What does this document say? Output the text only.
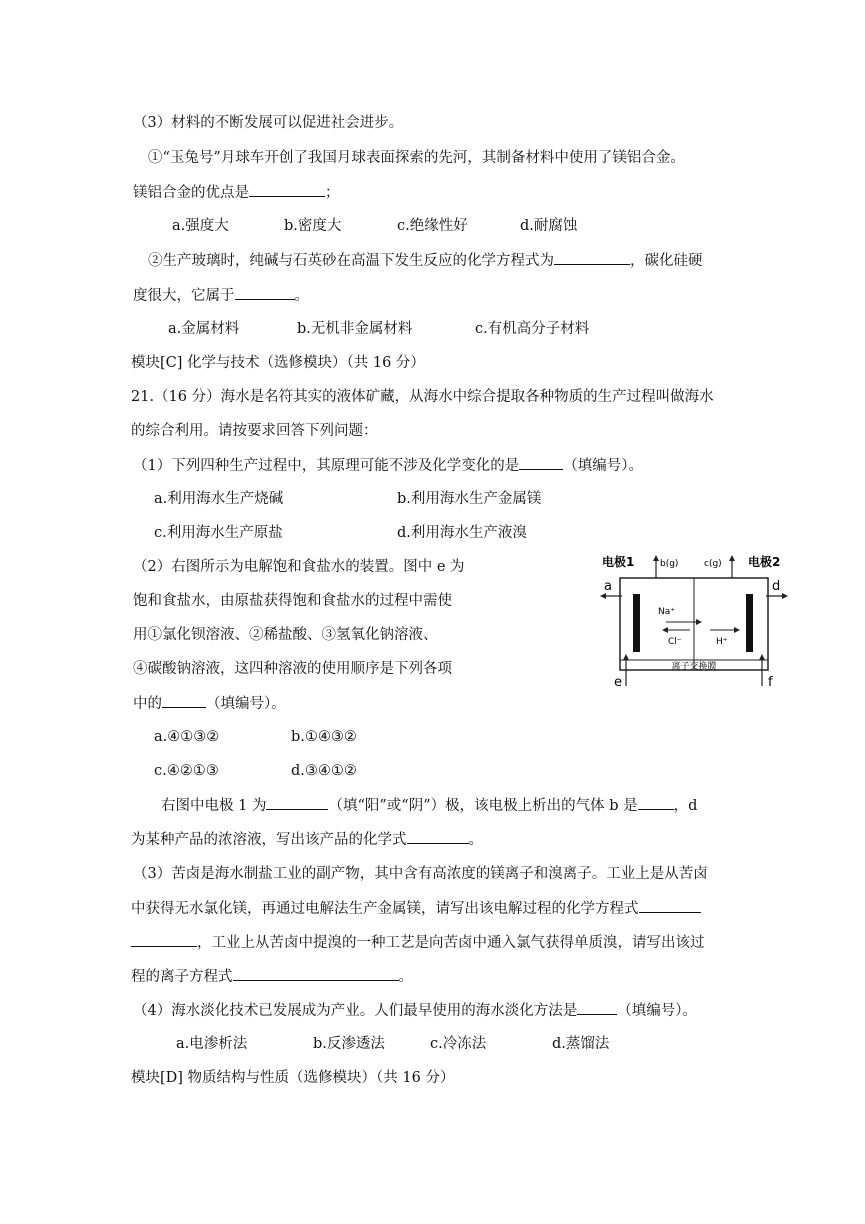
（3）材料的不断发展可以促进社会进步。
①“玉兔号”月球车开创了我国月球表面探索的先河，其制备材料中使用了镁铝合金。
镁铝合金的优点是	；
a.强度大	b.密度大	c.绝缘性好	d.耐腐蚀
②生产玻璃时，纯碱与石英砂在高温下发生反应的化学方程式为	，碳化硅硬
度很大，它属于	。
a.金属材料	b.无机非金属材料	c.有机高分子材料
模块[C] 化学与技术（选修模块）（共 16 分）
21.（16 分）海水是名符其实的液体矿藏，从海水中综合提取各种物质的生产过程叫做海水
的综合利用。请按要求回答下列问题：
（1）下列四种生产过程中，其原理可能不涉及化学变化的是	（填编号）。
a.利用海水生产烧碱	b.利用海水生产金属镁
c.利用海水生产原盐	d.利用海水生产液溴
（2）右图所示为电解饱和食盐水的装置。图中 e 为
饱和食盐水，由原盐获得饱和食盐水的过程中需使
用①氯化钡溶液、②稀盐酸、③氢氧化钠溶液、
④碳酸钠溶液，这四种溶液的使用顺序是下列各项
中的	（填编号）。
a.④①③②	b.①④③②
c.④②①③	d.③④①②
右图中电极 1 为	（填“阳”或“阴”）极，该电极上析出的气体 b 是 ，d
为某种产品的浓溶液，写出该产品的化学式	。
（3）苦卤是海水制盐工业的副产物，其中含有高浓度的镁离子和溴离子。工业上是从苦卤
中获得无水氯化镁，再通过电解法生产金属镁，请写出该电解过程的化学方程式
，工业上从苦卤中提溴的一种工艺是向苦卤中通入氯气获得单质溴，请写出该过
程的离子方程式	。
（4）海水淡化技术已发展成为产业。人们最早使用的海水淡化方法是	（填编号）。
a.电渗析法	b.反渗透法	c.冷冻法	d.蒸馏法
模块[D] 物质结构与性质（选修模块）（共 16 分）
离子交换膜
电极1	电极2
b(g)	c(g)
a	d
e	f
Na⁺
Cl⁻	H⁺
